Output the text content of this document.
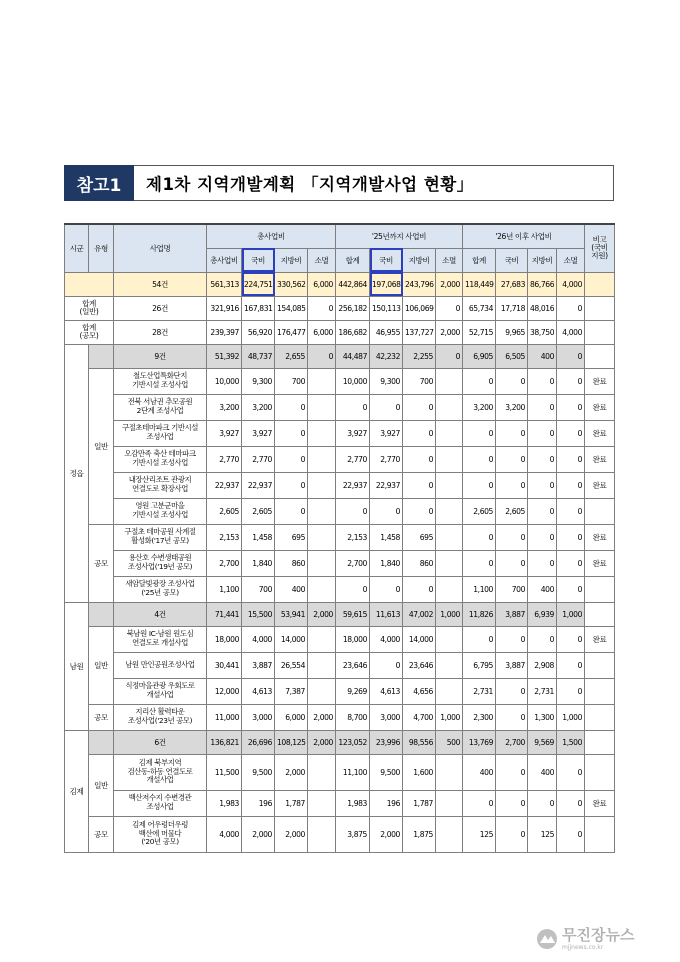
참고1	제1차 지역개발계획 「지역개발사업 현황」
시군	유형	사업명	총사업비				'25년까지 사업비				'26년 이후 사업비				비고
(국비
지원)
			총사업비	국비	지방비	소멸	합계	국비	지방비	소멸	합계	국비	지방비	소멸	
		54건	561,313	224,751	330,562	6,000	442,864	197,068	243,796	2,000	118,449	27,683	86,766	4,000	
합계
(일반)		26건	321,916	167,831	154,085	0	256,182	150,113	106,069	0	65,734	17,718	48,016	0	
합계
(공모)		28건	239,397	56,920	176,477	6,000	186,682	46,955	137,727	2,000	52,715	9,965	38,750	4,000	
정읍		9건	51,392	48,737	2,655	0	44,487	42,232	2,255	0	6,905	6,505	400	0	
	일반	철도산업특화단지
기반시설 조성사업	10,000	9,300	700		10,000	9,300	700		0	0	0	0	완료
		전북 서남권 추모공원
2단계 조성사업	3,200	3,200	0		0	0	0		3,200	3,200	0	0	완료
		구절초테마파크 기반시설
조성사업	3,927	3,927	0		3,927	3,927	0		0	0	0	0	완료
		오감만족 축산 테마파크
기반시설 조성사업	2,770	2,770	0		2,770	2,770	0		0	0	0	0	완료
		내장산리조트 관광지
연결도로 확장사업	22,937	22,937	0		22,937	22,937	0		0	0	0	0	완료
		영원 고분군마을
기반시설 조성사업	2,605	2,605	0		0	0	0		2,605	2,605	0	0	
	공모	구절초 테마공원 사계절
활성화('17년 공모)	2,153	1,458	695		2,153	1,458	695		0	0	0	0	완료
		용산호 수변생태공원
조성사업('19년 공모)	2,700	1,840	860		2,700	1,840	860		0	0	0	0	완료
		새암달빛광장 조성사업
('25년 공모)	1,100	700	400		0	0	0		1,100	700	400	0	
남원		4건	71,441	15,500	53,941	2,000	59,615	11,613	47,002	1,000	11,826	3,887	6,939	1,000	
	일반	북남원 IC-남원 원도심
연결도로 개설사업	18,000	4,000	14,000		18,000	4,000	14,000		0	0	0	0	완료
		남원 만인공원조성사업	30,441	3,887	26,554		23,646	0	23,646		6,795	3,887	2,908	0	
		식정마을관광 우회도로
개설사업	12,000	4,613	7,387		9,269	4,613	4,656		2,731	0	2,731	0	
	공모	지리산 활력타운
조성사업('23년 공모)	11,000	3,000	6,000	2,000	8,700	3,000	4,700	1,000	2,300	0	1,300	1,000	
김제		6건	136,821	26,696	108,125	2,000	123,052	23,996	98,556	500	13,769	2,700	9,569	1,500	
	일반	김제 북부지역
검산동-하동 연결도로
개설사업	11,500	9,500	2,000		11,100	9,500	1,600		400	0	400	0	
		백산저수지 수변경관
조성사업	1,983	196	1,787		1,983	196	1,787		0	0	0	0	완료
	공모	김제 어우렁더우렁
백산에 머물다
('20년 공모)	4,000	2,000	2,000		3,875	2,000	1,875		125	0	125	0	
무진장뉴스
mjjnews.co.kr
